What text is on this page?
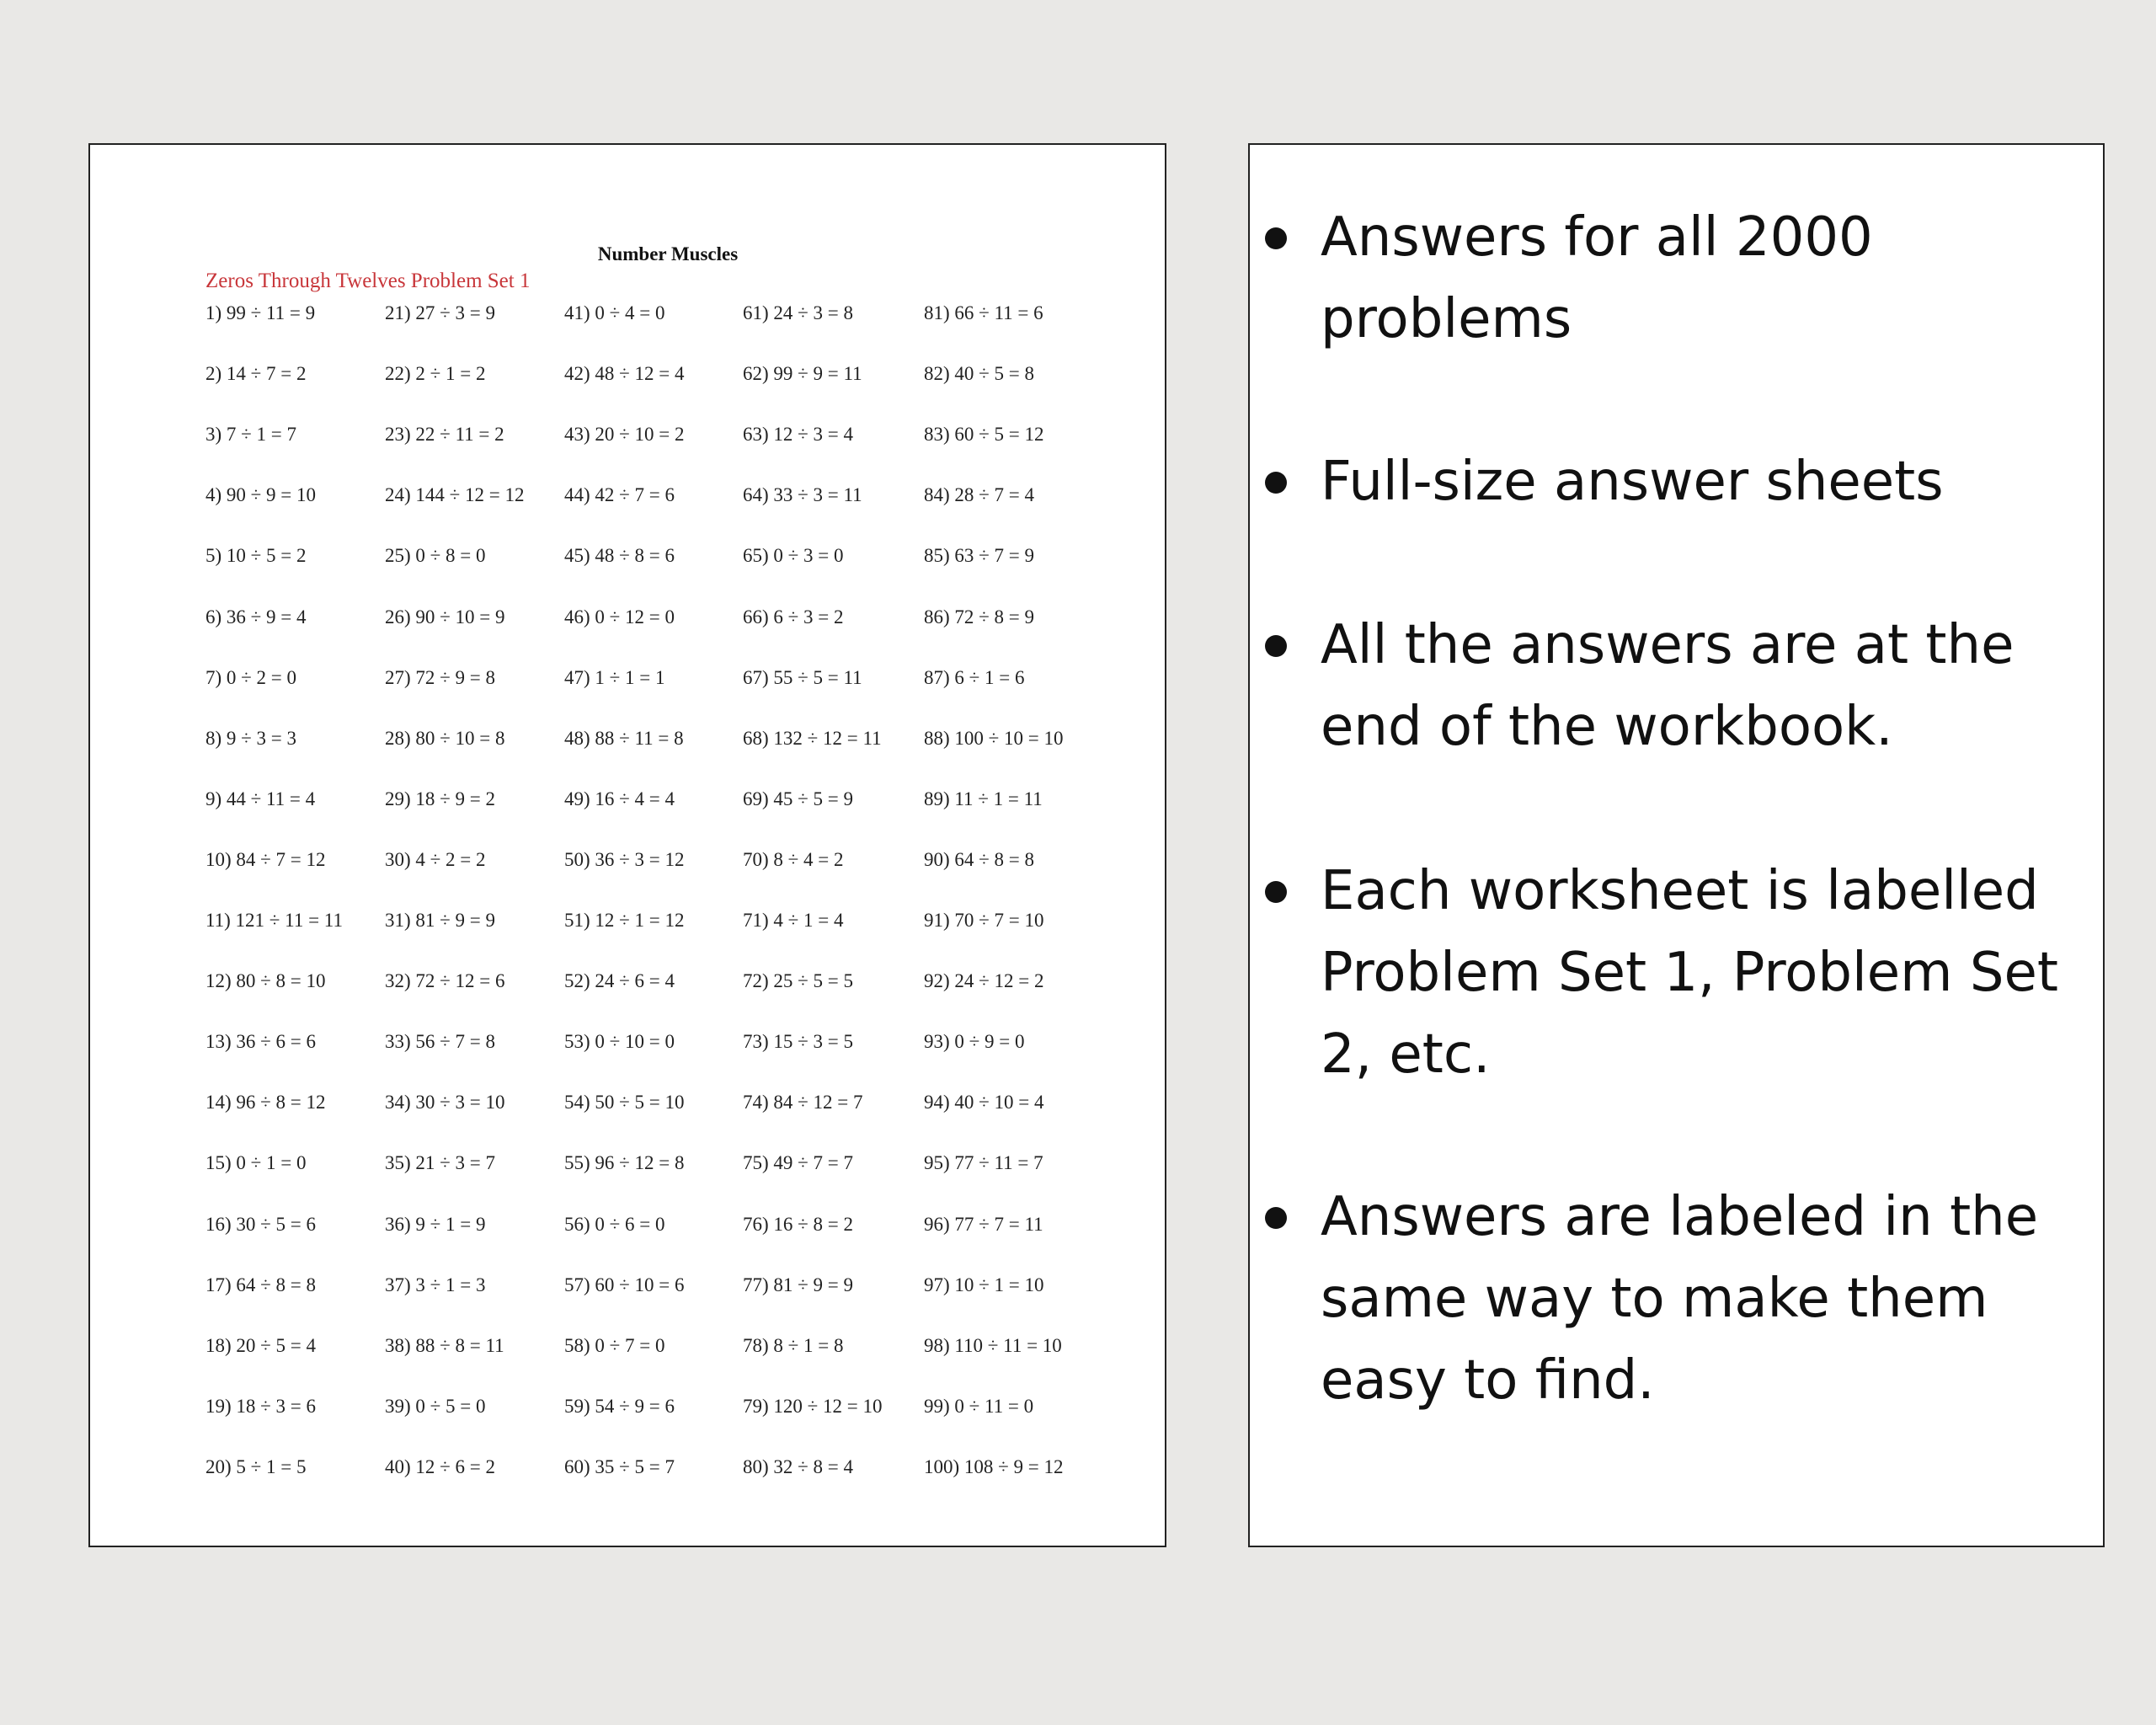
Number Muscles
Zeros Through Twelves Problem Set 1
1) 99 ÷ 11 = 9
2) 14 ÷ 7 = 2
3) 7 ÷ 1 = 7
4) 90 ÷ 9 = 10
5) 10 ÷ 5 = 2
6) 36 ÷ 9 = 4
7) 0 ÷ 2 = 0
8) 9 ÷ 3 = 3
9) 44 ÷ 11 = 4
10) 84 ÷ 7 = 12
11) 121 ÷ 11 = 11
12) 80 ÷ 8 = 10
13) 36 ÷ 6 = 6
14) 96 ÷ 8 = 12
15) 0 ÷ 1 = 0
16) 30 ÷ 5 = 6
17) 64 ÷ 8 = 8
18) 20 ÷ 5 = 4
19) 18 ÷ 3 = 6
20) 5 ÷ 1 = 5
21) 27 ÷ 3 = 9
22) 2 ÷ 1 = 2
23) 22 ÷ 11 = 2
24) 144 ÷ 12 = 12
25) 0 ÷ 8 = 0
26) 90 ÷ 10 = 9
27) 72 ÷ 9 = 8
28) 80 ÷ 10 = 8
29) 18 ÷ 9 = 2
30) 4 ÷ 2 = 2
31) 81 ÷ 9 = 9
32) 72 ÷ 12 = 6
33) 56 ÷ 7 = 8
34) 30 ÷ 3 = 10
35) 21 ÷ 3 = 7
36) 9 ÷ 1 = 9
37) 3 ÷ 1 = 3
38) 88 ÷ 8 = 11
39) 0 ÷ 5 = 0
40) 12 ÷ 6 = 2
41) 0 ÷ 4 = 0
42) 48 ÷ 12 = 4
43) 20 ÷ 10 = 2
44) 42 ÷ 7 = 6
45) 48 ÷ 8 = 6
46) 0 ÷ 12 = 0
47) 1 ÷ 1 = 1
48) 88 ÷ 11 = 8
49) 16 ÷ 4 = 4
50) 36 ÷ 3 = 12
51) 12 ÷ 1 = 12
52) 24 ÷ 6 = 4
53) 0 ÷ 10 = 0
54) 50 ÷ 5 = 10
55) 96 ÷ 12 = 8
56) 0 ÷ 6 = 0
57) 60 ÷ 10 = 6
58) 0 ÷ 7 = 0
59) 54 ÷ 9 = 6
60) 35 ÷ 5 = 7
61) 24 ÷ 3 = 8
62) 99 ÷ 9 = 11
63) 12 ÷ 3 = 4
64) 33 ÷ 3 = 11
65) 0 ÷ 3 = 0
66) 6 ÷ 3 = 2
67) 55 ÷ 5 = 11
68) 132 ÷ 12 = 11
69) 45 ÷ 5 = 9
70) 8 ÷ 4 = 2
71) 4 ÷ 1 = 4
72) 25 ÷ 5 = 5
73) 15 ÷ 3 = 5
74) 84 ÷ 12 = 7
75) 49 ÷ 7 = 7
76) 16 ÷ 8 = 2
77) 81 ÷ 9 = 9
78) 8 ÷ 1 = 8
79) 120 ÷ 12 = 10
80) 32 ÷ 8 = 4
81) 66 ÷ 11 = 6
82) 40 ÷ 5 = 8
83) 60 ÷ 5 = 12
84) 28 ÷ 7 = 4
85) 63 ÷ 7 = 9
86) 72 ÷ 8 = 9
87) 6 ÷ 1 = 6
88) 100 ÷ 10 = 10
89) 11 ÷ 1 = 11
90) 64 ÷ 8 = 8
91) 70 ÷ 7 = 10
92) 24 ÷ 12 = 2
93) 0 ÷ 9 = 0
94) 40 ÷ 10 = 4
95) 77 ÷ 11 = 7
96) 77 ÷ 7 = 11
97) 10 ÷ 1 = 10
98) 110 ÷ 11 = 10
99) 0 ÷ 11 = 0
100) 108 ÷ 9 = 12
Answers for all 2000 problems
Full-size answer sheets
All the answers are at the end of the workbook.
Each worksheet is labelled Problem Set 1, Problem Set 2, etc.
Answers are labeled in the same way to make them easy to find.
